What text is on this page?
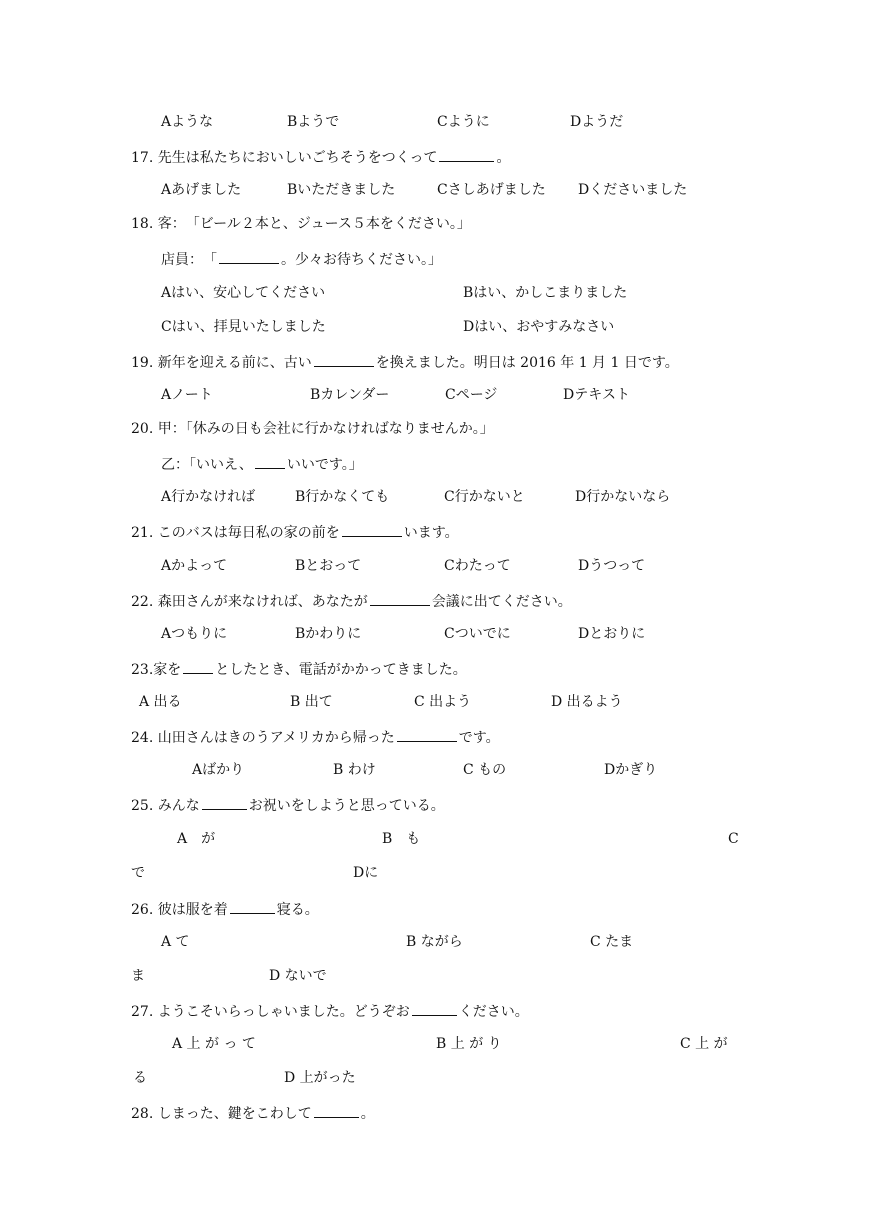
Aような	Bようで	Cように	Dようだ
17. 先生は私たちにおいしいごちそうをつくって	。
Aあげました	Bいただきました	Cさしあげました Dくださいました
18. 客：　「ビール２本と、ジュース５本をください。」
店員：　「	。少々お待ちください。」
Aはい、安心してください	Bはい、かしこまりました
Cはい、拝見いたしました	Dはい、おやすみなさい
19. 新年を迎える前に、古い	を換えました。明日は 2016 年 1 月 1 日です。
Aノート	Bカレンダー	Cページ	Dテキスト
20. 甲：「休みの日も会社に行かなければなりませんか。」
乙：「いいえ、 いいです。」
A行かなければ	B行かなくても	C行かないと	D行かないなら
21. このバスは毎日私の家の前を	います。
Aかよって	Bとおって	Cわたって	Dうつって
22. 森田さんが来なければ、あなたが	会議に出てください。
Aつもりに	Bかわりに	Cついでに	Dとおりに
23.家を としたとき、電話がかかってきました。
A 出る	B 出て	C 出よう	D 出るよう
24. 山田さんはきのうアメリカから帰った	です。
Aばかり	B わけ	C もの	Dかぎり
25. みんな	お祝いをしようと思っている。
A　が	B　も	C
で	Dに
26. 彼は服を着	寝る。
A て	B ながら	C たま
ま	D ないで
27. ようこそいらっしゃいました。どうぞお	ください。
A 上 が っ て	B 上 が り	C 上 が
る	D 上がった
28. しまった、鍵をこわして	。
